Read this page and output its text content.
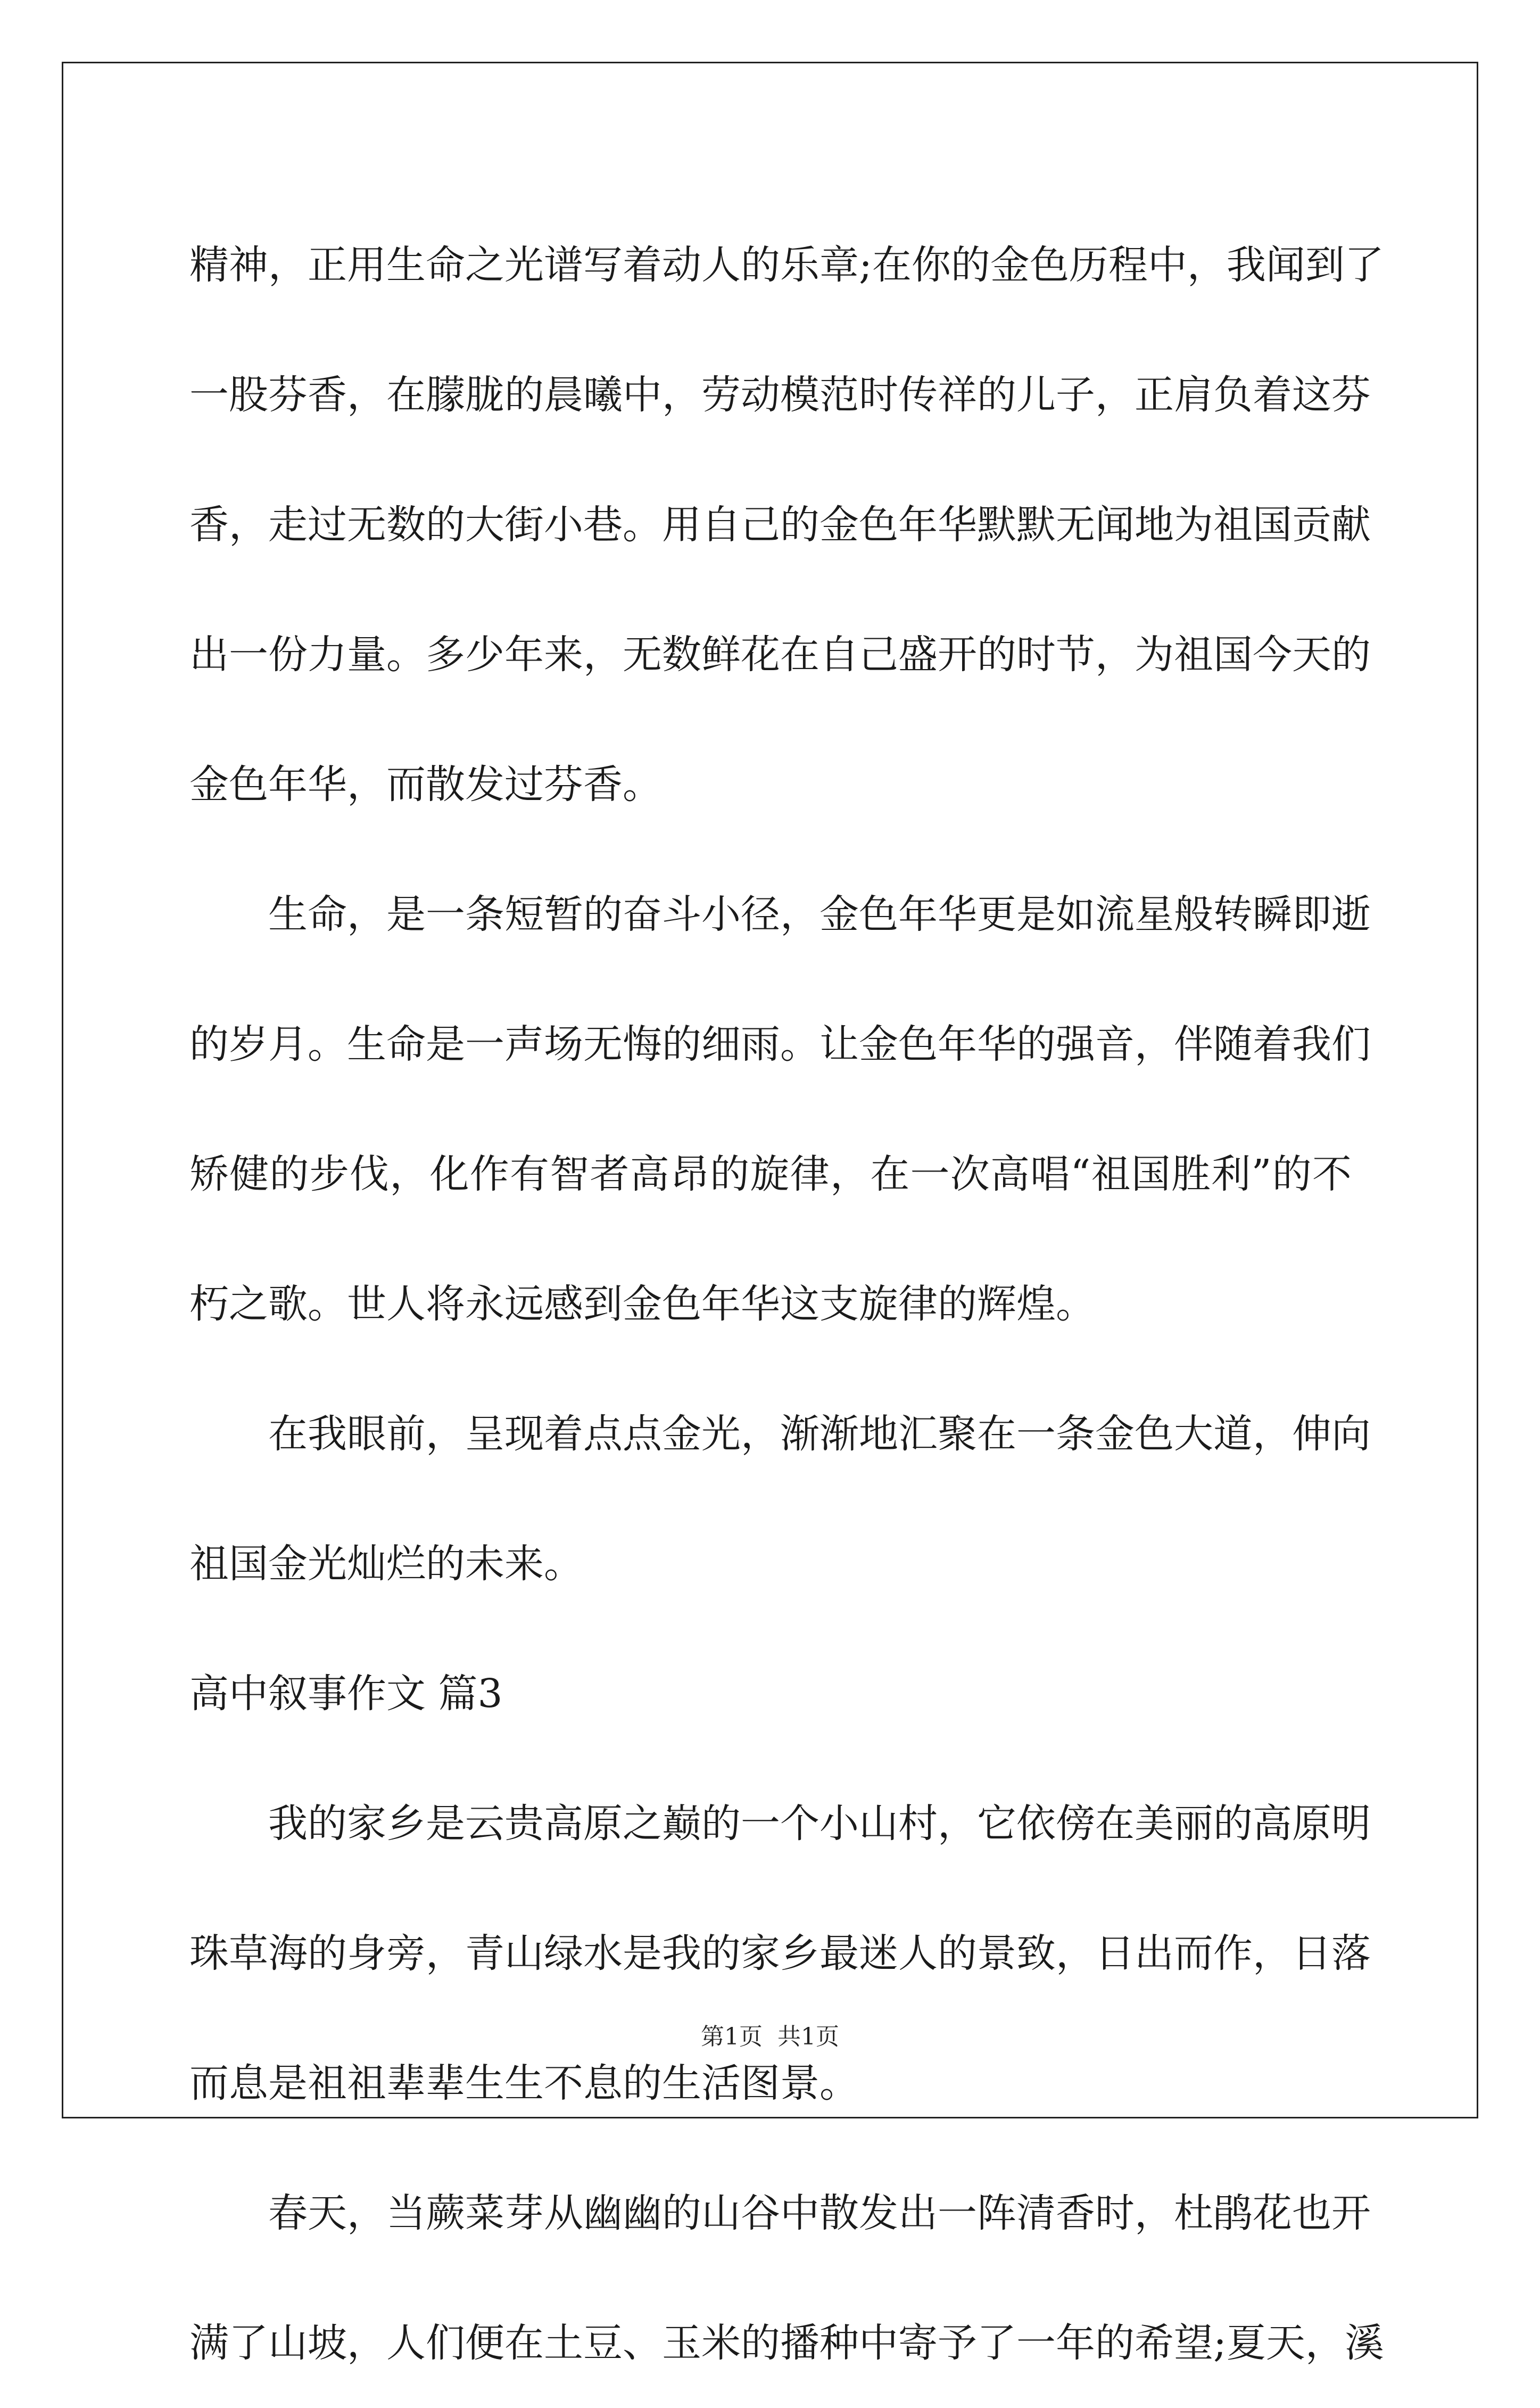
精神，正用生命之光谱写着动人的乐章;在你的金色历程中，我闻到了
一股芬香，在朦胧的晨曦中，劳动模范时传祥的儿子，正肩负着这芬
香，走过无数的大街小巷。用自己的金色年华默默无闻地为祖国贡献
出一份力量。多少年来，无数鲜花在自己盛开的时节，为祖国今天的
金色年华，而散发过芬香。
生命，是一条短暂的奋斗小径，金色年华更是如流星般转瞬即逝
的岁月。生命是一声场无悔的细雨。让金色年华的强音，伴随着我们
矫健的步伐，化作有智者高昂的旋律，在一次高唱“祖国胜利”的不
朽之歌。世人将永远感到金色年华这支旋律的辉煌。
在我眼前，呈现着点点金光，渐渐地汇聚在一条金色大道，伸向
祖国金光灿烂的未来。
高中叙事作文 篇3
我的家乡是云贵高原之巅的一个小山村，它依傍在美丽的高原明
珠草海的身旁，青山绿水是我的家乡最迷人的景致，日出而作，日落
而息是祖祖辈辈生生不息的生活图景。
春天，当蕨菜芽从幽幽的山谷中散发出一阵清香时，杜鹃花也开
满了山坡，人们便在土豆、玉米的播种中寄予了一年的希望;夏天，溪
第1页 共1页
